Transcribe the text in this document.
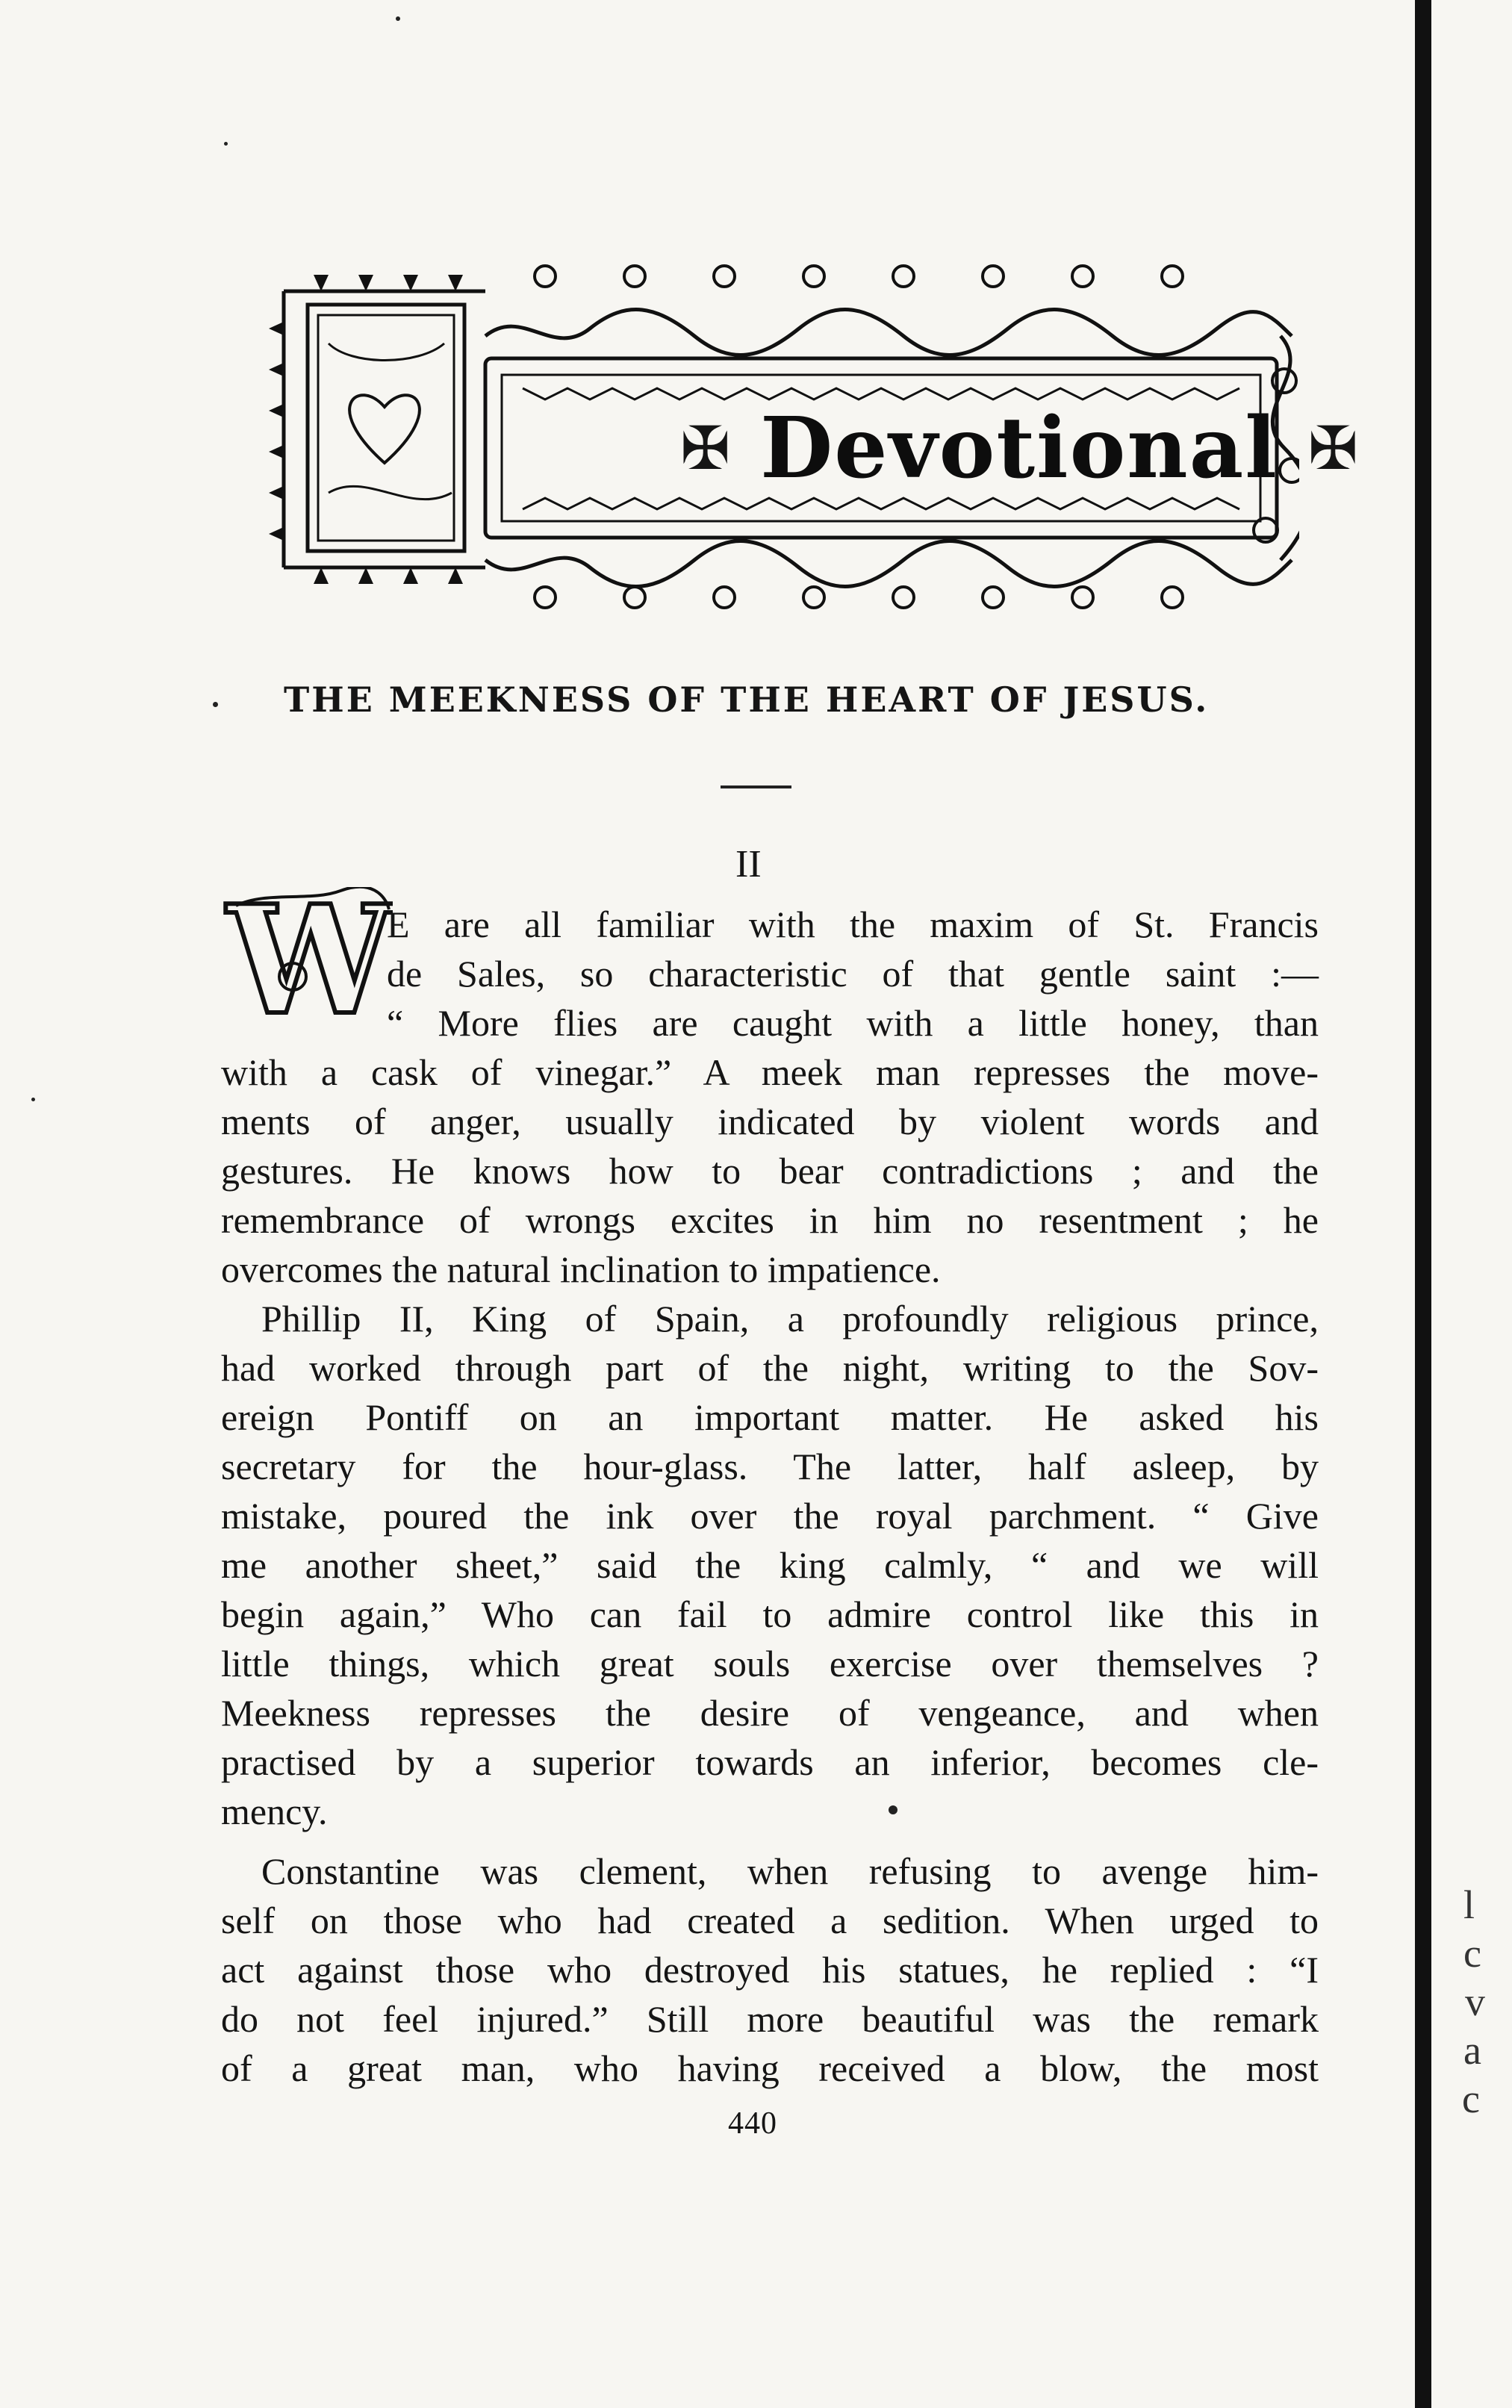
l
c
v
a
c
✠ Devotional ✠
THE MEEKNESS OF THE HEART OF JESUS.
II
W
E are all familiar with the maxim of St. Francis
de Sales, so characteristic of that gentle saint :—
“ More flies are caught with a little honey, than
with a cask of vinegar.” A meek man represses the move-
ments of anger, usually indicated by violent words and
gestures. He knows how to bear contradictions ; and the
remembrance of wrongs excites in him no resentment ; he
overcomes the natural inclination to impatience.
Phillip II, King of Spain, a profoundly religious prince,
had worked through part of the night, writing to the Sov-
ereign Pontiff on an important matter. He asked his
secretary for the hour-glass. The latter, half asleep, by
mistake, poured the ink over the royal parchment. “ Give
me another sheet,” said the king calmly, “ and we will
begin again,” Who can fail to admire control like this in
little things, which great souls exercise over themselves ?
Meekness represses the desire of vengeance, and when
practised by a superior towards an inferior, becomes cle-
mency.
Constantine was clement, when refusing to avenge him-
self on those who had created a sedition. When urged to
act against those who destroyed his statues, he replied : “I
do not feel injured.” Still more beautiful was the remark
of a great man, who having received a blow, the most
440
